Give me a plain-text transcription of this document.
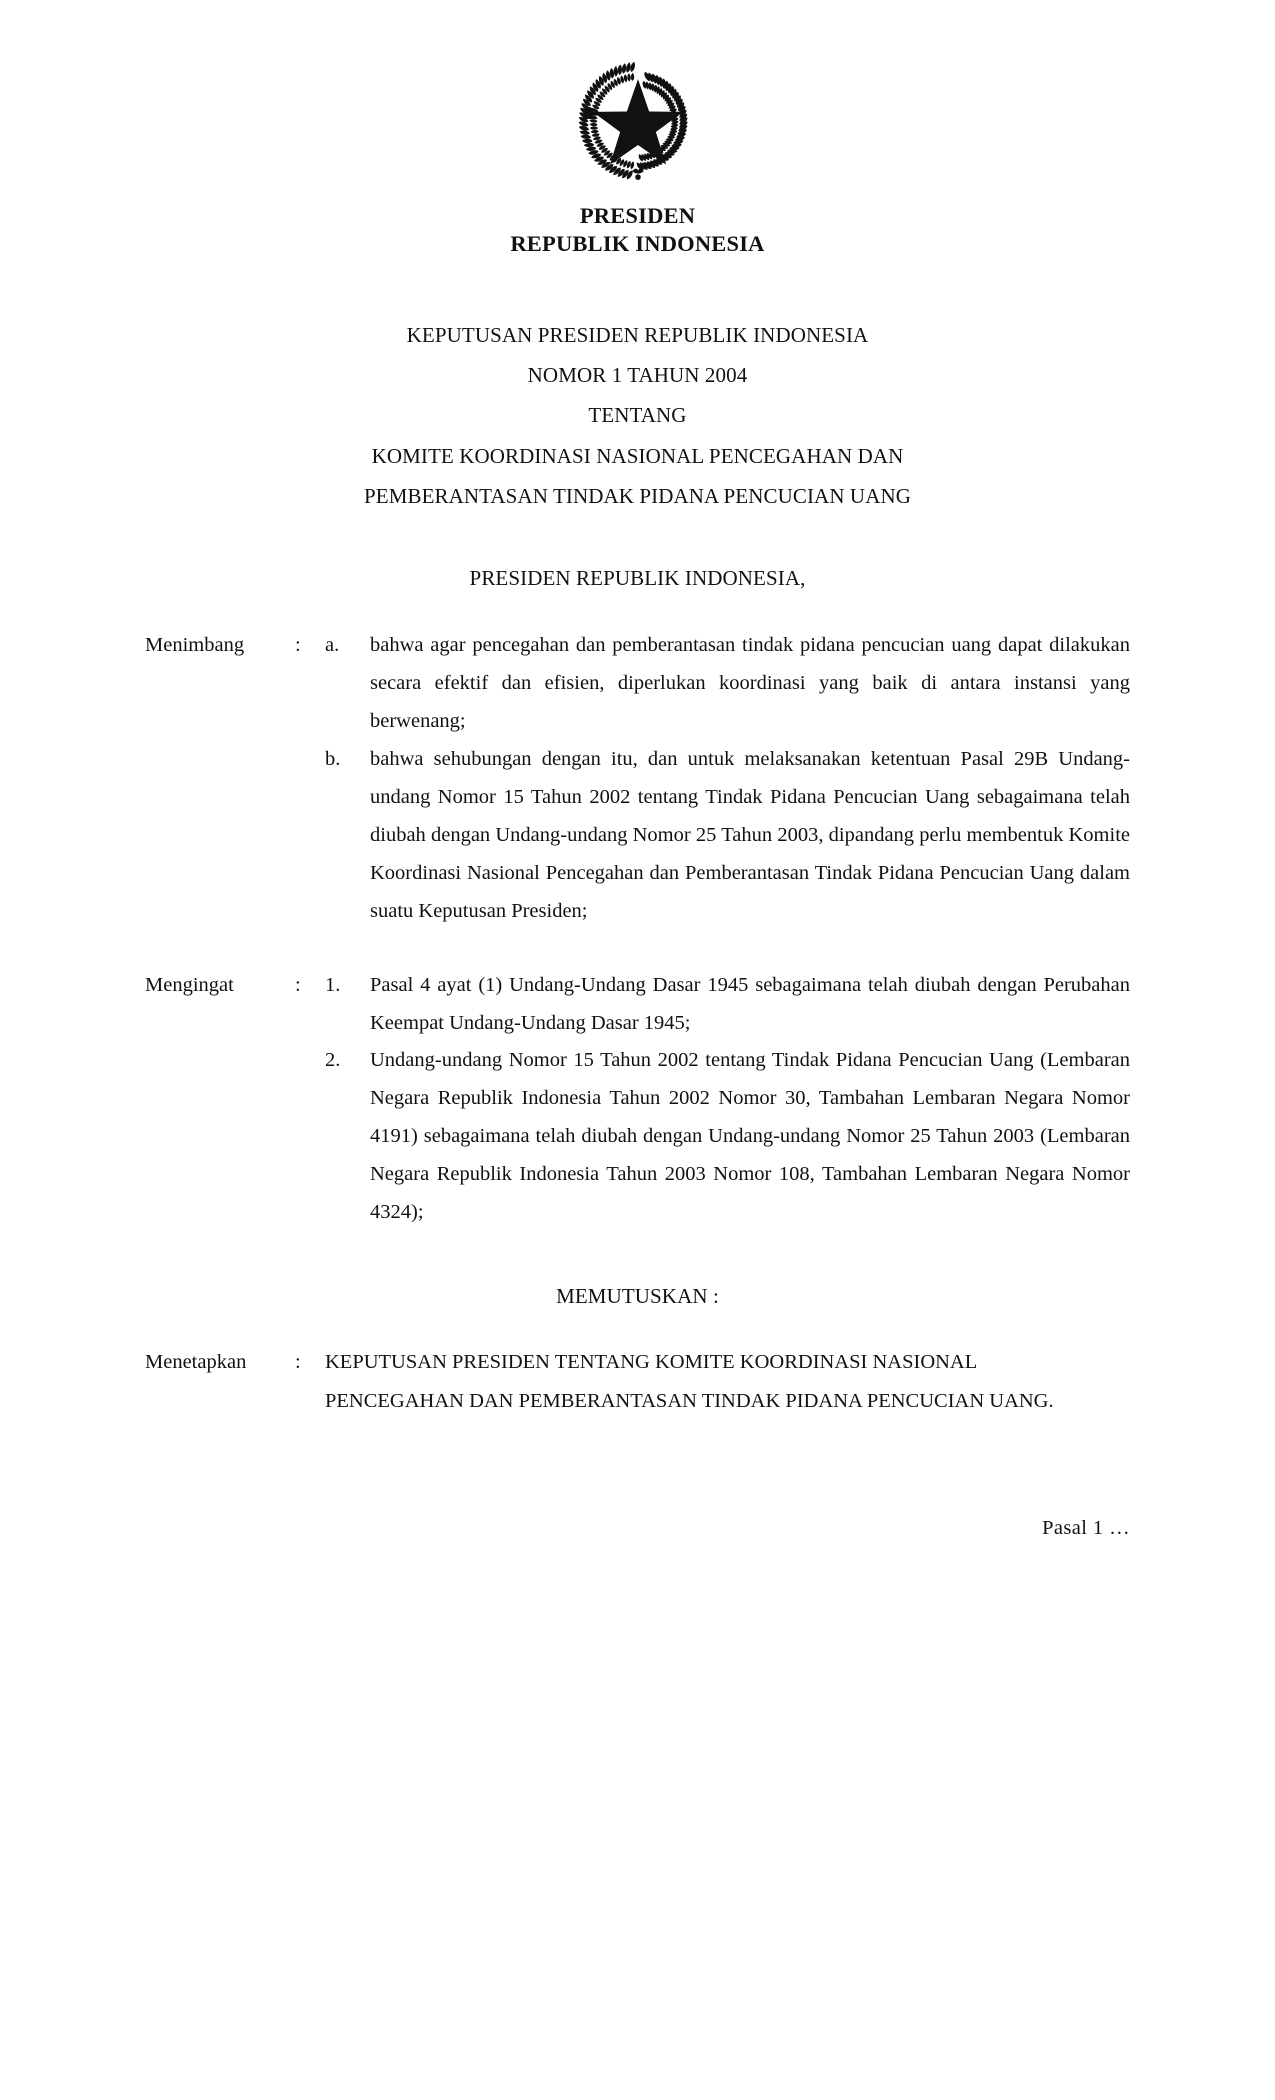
PRESIDEN
REPUBLIK INDONESIA
KEPUTUSAN PRESIDEN REPUBLIK INDONESIA
NOMOR 1 TAHUN 2004
TENTANG
KOMITE KOORDINASI NASIONAL PENCEGAHAN DAN
PEMBERANTASAN TINDAK PIDANA PENCUCIAN UANG
PRESIDEN REPUBLIK INDONESIA,
Menimbang	:	a.	bahwa agar pencegahan dan pemberantasan tindak pidana pencucian uang dapat dilakukan secara efektif dan efisien, diperlukan koordinasi yang baik di antara instansi yang berwenang;
b.	bahwa sehubungan dengan itu, dan untuk melaksanakan ketentuan Pasal 29B Undang-undang Nomor 15 Tahun 2002 tentang Tindak Pidana Pencucian Uang sebagaimana telah diubah dengan Undang-undang Nomor 25 Tahun 2003, dipandang perlu membentuk Komite Koordinasi Nasional Pencegahan dan Pemberantasan Tindak Pidana Pencucian Uang dalam suatu Keputusan Presiden;
Mengingat	:	1.	Pasal 4 ayat (1) Undang-Undang Dasar 1945 sebagaimana telah diubah dengan Perubahan Keempat Undang-Undang Dasar 1945;
2.	Undang-undang Nomor 15 Tahun 2002 tentang Tindak Pidana Pencucian Uang (Lembaran Negara Republik Indonesia Tahun 2002 Nomor 30, Tambahan Lembaran Negara Nomor 4191) sebagaimana telah diubah dengan Undang-undang Nomor 25 Tahun 2003 (Lembaran Negara Republik Indonesia Tahun 2003 Nomor 108, Tambahan Lembaran Negara Nomor 4324);
MEMUTUSKAN :
Menetapkan	:	KEPUTUSAN PRESIDEN TENTANG KOMITE KOORDINASI NASIONAL
PENCEGAHAN DAN PEMBERANTASAN TINDAK PIDANA PENCUCIAN UANG.
Pasal 1 …
